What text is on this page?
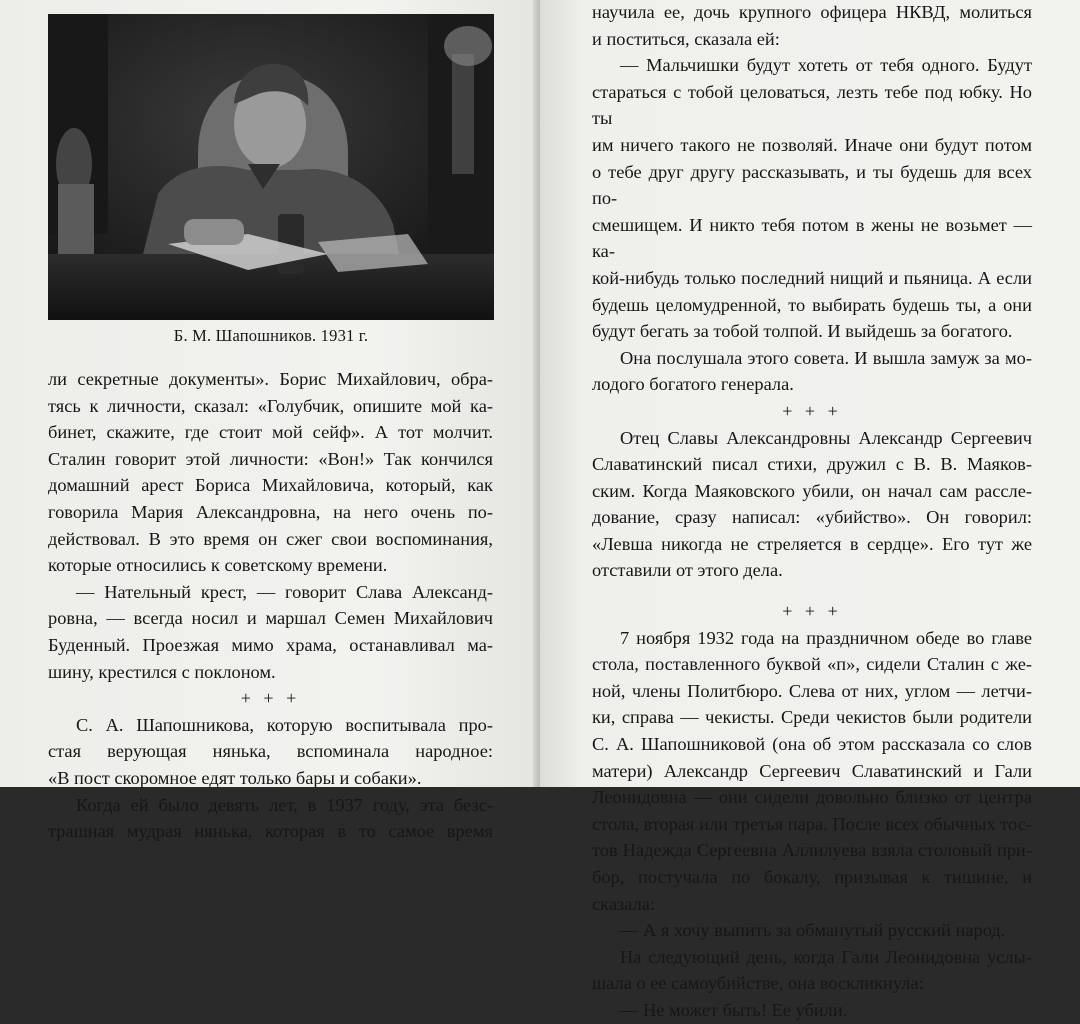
Б. М. Шапошников. 1931 г.
ли секретные документы». Борис Михайлович, обра-
тясь к личности, сказал: «Голубчик, опишите мой ка-
бинет, скажите, где стоит мой сейф». А тот молчит.
Сталин говорит этой личности: «Вон!» Так кончился
домашний арест Бориса Михайловича, который, как
говорила Мария Александровна, на него очень по-
действовал. В это время он сжег свои воспоминания,
которые относились к советскому времени.
— Нательный крест, — говорит Слава Александ-
ровна, — всегда носил и маршал Семен Михайлович
Буденный. Проезжая мимо храма, останавливал ма-
шину, крестился с поклоном.
+ + +
С. А. Шапошникова, которую воспитывала про-
стая верующая нянька, вспоминала народное:
«В пост скоромное едят только бары и собаки».
Когда ей было девять лет, в 1937 году, эта безс-
трашная мудрая нянька, которая в то самое время
научила ее, дочь крупного офицера НКВД, молиться
и поститься, сказала ей:
— Мальчишки будут хотеть от тебя одного. Будут
стараться с тобой целоваться, лезть тебе под юбку. Но ты
им ничего такого не позволяй. Иначе они будут потом
о тебе друг другу рассказывать, и ты будешь для всех по-
смешищем. И никто тебя потом в жены не возьмет — ка-
кой-нибудь только последний нищий и пьяница. А если
будешь целомудренной, то выбирать будешь ты, а они
будут бегать за тобой толпой. И выйдешь за богатого.
Она послушала этого совета. И вышла замуж за мо-
лодого богатого генерала.
+ + +
Отец Славы Александровны Александр Сергеевич
Славатинский писал стихи, дружил с В. В. Маяков-
ским. Когда Маяковского убили, он начал сам рассле-
дование, сразу написал: «убийство». Он говорил:
«Левша никогда не стреляется в сердце». Его тут же
отставили от этого дела.
+ + +
7 ноября 1932 года на праздничном обеде во главе
стола, поставленного буквой «п», сидели Сталин с же-
ной, члены Политбюро. Слева от них, углом — летчи-
ки, справа — чекисты. Среди чекистов были родители
С. А. Шапошниковой (она об этом рассказала со слов
матери) Александр Сергеевич Славатинский и Гали
Леонидовна — они сидели довольно близко от центра
стола, вторая или третья пара. После всех обычных тос-
тов Надежда Сергеевна Аллилуева взяла столовый при-
бор, постучала по бокалу, призывая к тишине, и сказала:
— А я хочу выпить за обманутый русский народ.
На следующий день, когда Гали Леонидовна услы-
шала о ее самоубийстве, она воскликнула:
— Не может быть! Ее убили.
